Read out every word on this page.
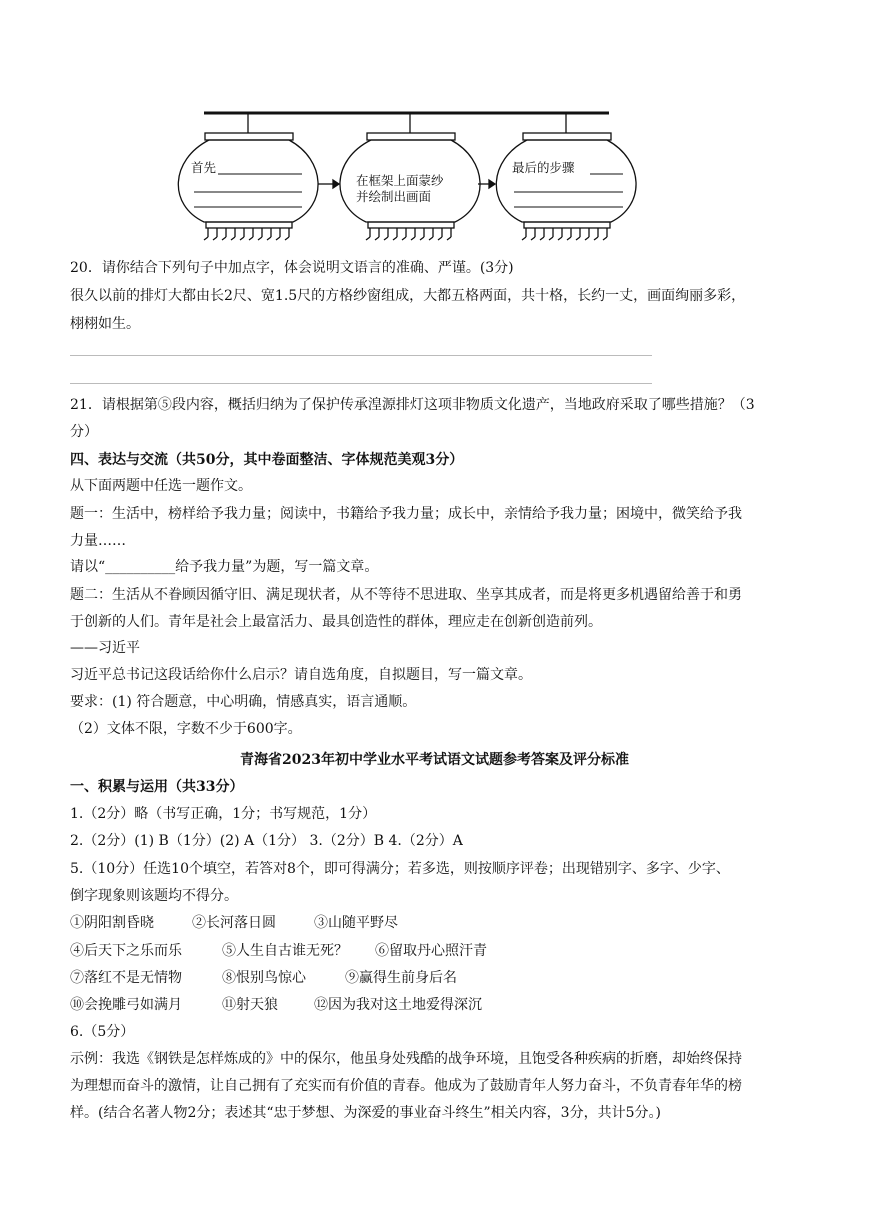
首先
在框架上面蒙纱
并绘制出画面
最后的步骤
20．请你结合下列句子中加点字，体会说明文语言的准确、严谨。(3分)
很久以前的排灯大都由长2尺、宽1.5尺的方格纱窗组成，大都五格两面，共十格，长约一丈，画面绚丽多彩，
栩栩如生。
21．请根据第⑤段内容，概括归纳为了保护传承湟源排灯这项非物质文化遗产，当地政府采取了哪些措施？（3
分）
四、表达与交流（共50分，其中卷面整洁、字体规范美观3分）
从下面两题中任选一题作文。
题一：生活中，榜样给予我力量；阅读中，书籍给予我力量；成长中，亲情给予我力量；困境中，微笑给予我
力量……
请以“__________给予我力量”为题，写一篇文章。
题二：生活从不眷顾因循守旧、满足现状者，从不等待不思进取、坐享其成者，而是将更多机遇留给善于和勇
于创新的人们。青年是社会上最富活力、最具创造性的群体，理应走在创新创造前列。
——习近平
习近平总书记这段话给你什么启示？请自选角度，自拟题目，写一篇文章。
要求：(1) 符合题意，中心明确，情感真实，语言通顺。
（2）文体不限，字数不少于600字。
青海省2023年初中学业水平考试语文试题参考答案及评分标准
一、积累与运用（共33分）
1.（2分）略（书写正确，1分；书写规范，1分）
2.（2分）(1) B（1分）(2) A（1分） 3.（2分）B 4.（2分）A
5.（10分）任选10个填空，若答对8个，即可得满分；若多选，则按顺序评卷；出现错别字、多字、少字、
倒字现象则该题均不得分。
①阴阳割昏晓	②长河落日圆	③山随平野尽
④后天下之乐而乐	⑤人生自古谁无死？ ⑥留取丹心照汗青
⑦落红不是无情物	⑧恨别鸟惊心	⑨赢得生前身后名
⑩会挽雕弓如满月	⑪射天狼	⑫因为我对这土地爱得深沉
6.（5分）
示例：我选《钢铁是怎样炼成的》中的保尔，他虽身处残酷的战争环境，且饱受各种疾病的折磨，却始终保持
为理想而奋斗的激情，让自己拥有了充实而有价值的青春。他成为了鼓励青年人努力奋斗，不负青春年华的榜
样。(结合名著人物2分；表述其“忠于梦想、为深爱的事业奋斗终生”相关内容，3分，共计5分。)
